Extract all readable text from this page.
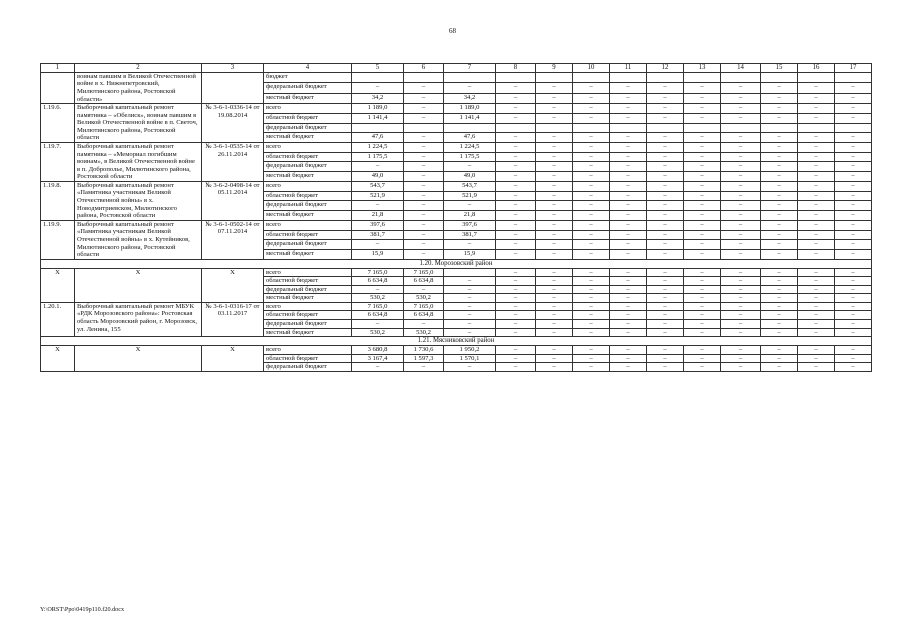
68
1	2	3	4	5	6	7	8	9	10	11	12	13	14	15	16	17
	воинам павшим в Великой Отечественной войне в х. Нижнепетровский, Милютинского района, Ростовской области»		бюджет													
			федеральный бюджет	–	–	–	–	–	–	–	–	–	–	–	–	–
			местный бюджет	34,2	–	34,2	–	–	–	–	–	–	–	–	–	–
1.19.6.	Выборочный капитальный ремонт памятника – «Обелиск», воинам павшим в Великой Отечественной войне в п. Светоч, Милютинского района, Ростовской области	№ 3-6-1-0336-14 от 19.08.2014	всего	1 189,0	–	1 189,0	–	–	–	–	–	–	–	–	–	–
			областной бюджет	1 141,4	–	1 141,4	–	–	–	–	–	–	–	–	–	–
			федеральный бюджет													
			местный бюджет	47,6	–	47,6	–	–	–	–	–	–	–	–	–	–
1.19.7.	Выборочный капитальный ремонт памятника – «Мемориал погибшим воинам», в Великой Отечественной войне в п. Доброполье, Милютинского района, Ростовской области	№ 3-6-1-0535-14 от 26.11.2014	всего	1 224,5	–	1 224,5	–	–	–	–	–	–	–	–	–	–
			областной бюджет	1 175,5	–	1 175,5	–	–	–	–	–	–	–	–	–	–
			федеральный бюджет	–	–	–	–	–	–	–	–	–	–	–	–	–
			местный бюджет	49,0	–	49,0	–	–	–	–	–	–	–	–	–	–
1.19.8.	Выборочный капитальный ремонт «Памятника участникам Великой Отечественной войны» в х. Новодмитриевском, Милютинского района, Ростовской области	№ 3-6-2-0498-14 от 05.11.2014	всего	543,7	–	543,7	–	–	–	–	–	–	–	–	–	–
			областной бюджет	521,9	–	521,9	–	–	–	–	–	–	–	–	–	–
			федеральный бюджет	–	–	–	–	–	–	–	–	–	–	–	–	–
			местный бюджет	21,8	–	21,8	–	–	–	–	–	–	–	–	–	–
1.19.9.	Выборочный капитальный ремонт «Памятника участникам Великой Отечественной войны» в х. Кутейников, Милютинского района, Ростовской области	№ 3-6-1-0502-14 от 07.11.2014	всего	397,6	–	397,6	–	–	–	–	–	–	–	–	–	–
			областной бюджет	381,7	–	381,7	–	–	–	–	–	–	–	–	–	–
			федеральный бюджет	–	–	–	–	–	–	–	–	–	–	–	–	–
			местный бюджет	15,9	–	15,9	–	–	–	–	–	–	–	–	–	–
1.20. Морозовский район																
Х	Х	Х	всего	7 165,0	7 165,0		–	–	–	–	–	–	–	–	–	–
			областной бюджет	6 634,8	6 634,8	–	–	–	–	–	–	–	–	–	–	–
			федеральный бюджет	–	–	–	–	–	–	–	–	–	–	–	–	–
			местный бюджет	530,2	530,2	–	–	–	–	–	–	–	–	–	–	–
1.20.1.	Выборочный капитальный ремонт МБУК «РДК Морозовского района»: Ростовская область Морозовский район, г. Морозовск, ул. Ленина, 155	№ 3-6-1-0316-17 от 03.11.2017	всего	7 165,0	7 165,0	–	–	–	–	–	–	–	–	–	–	–
			областной бюджет	6 634,8	6 634,8	–	–	–	–	–	–	–	–	–	–	–
			федеральный бюджет	–	–	–	–	–	–	–	–	–	–	–	–	–
			местный бюджет	530,2	530,2	–	–	–	–	–	–	–	–	–	–	–
1.21. Мясниковский район																
Х	Х	Х	всего	3 680,8	1 730,6	1 950,2	–	–	–	–	–	–	–	–	–	–
			областной бюджет	3 167,4	1 597,3	1 570,1	–	–	–	–	–	–	–	–	–	–
			федеральный бюджет	–	–	–	–	–	–	–	–	–	–	–	–	–
Y:\ORST\Ppo\0419p110.f20.docx
